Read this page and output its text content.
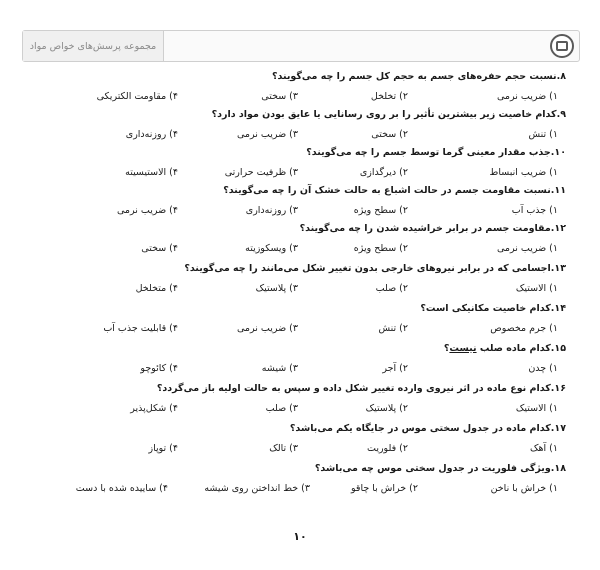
مجموعه پرسش‌های خواص مواد
۸.نسبت حجم حفره‌های جسم به حجم کل جسم را چه می‌گویند؟
۱) ضریب نرمی
۲) تخلخل
۳) سختی
۴) مقاومت الکتریکی
۹.کدام خاصیت زیر بیشترین تأثیر را بر روی رسانایی یا عایق بودن مواد دارد؟
۱) تنش
۲) سختی
۳) ضریب نرمی
۴) روزنه‌داری
۱۰.جذب مقدار معینی گرما توسط جسم را چه می‌گویند؟
۱) ضریب انبساط
۲) دیرگدازی
۳) ظرفیت حرارتی
۴) الاستیسیته
۱۱.نسبت مقاومت جسم در حالت اشباع به حالت خشک آن را چه می‌گویند؟
۱) جذب آب
۲) سطح ویژه
۳) روزنه‌داری
۴) ضریب نرمی
۱۲.مقاومت جسم در برابر خراشیده شدن را چه می‌گویند؟
۱) ضریب نرمی
۲) سطح ویژه
۳) ویسکوزیته
۴) سختی
۱۳.اجسامی که در برابر نیروهای خارجی بدون تغییر شکل می‌مانند را چه می‌گویند؟
۱) الاستیک
۲) صلب
۳) پلاستیک
۴) متخلخل
۱۴.کدام خاصیت مکانیکی است؟
۱) جرم مخصوص
۲) تنش
۳) ضریب نرمی
۴) قابلیت جذب آب
۱۵.کدام ماده صلب نیست؟
۱) چدن
۲) آجر
۳) شیشه
۴) کائوچو
۱۶.کدام نوع ماده در اثر نیروی وارده تغییر شکل داده و سپس به حالت اولیه باز می‌گردد؟
۱) الاستیک
۲) پلاستیک
۳) صلب
۴) شکل‌پذیر
۱۷.کدام ماده در جدول سختی موس در جایگاه یکم می‌باشد؟
۱) آهک
۲) فلوریت
۳) تالک
۴) توپاز
۱۸.ویژگی فلوریت در جدول سختی موس چه می‌باشد؟
۱) خراش با ناخن
۲) خراش با چاقو
۳) خط انداختن روی شیشه
۴) ساییده شده با دست
۱۰
